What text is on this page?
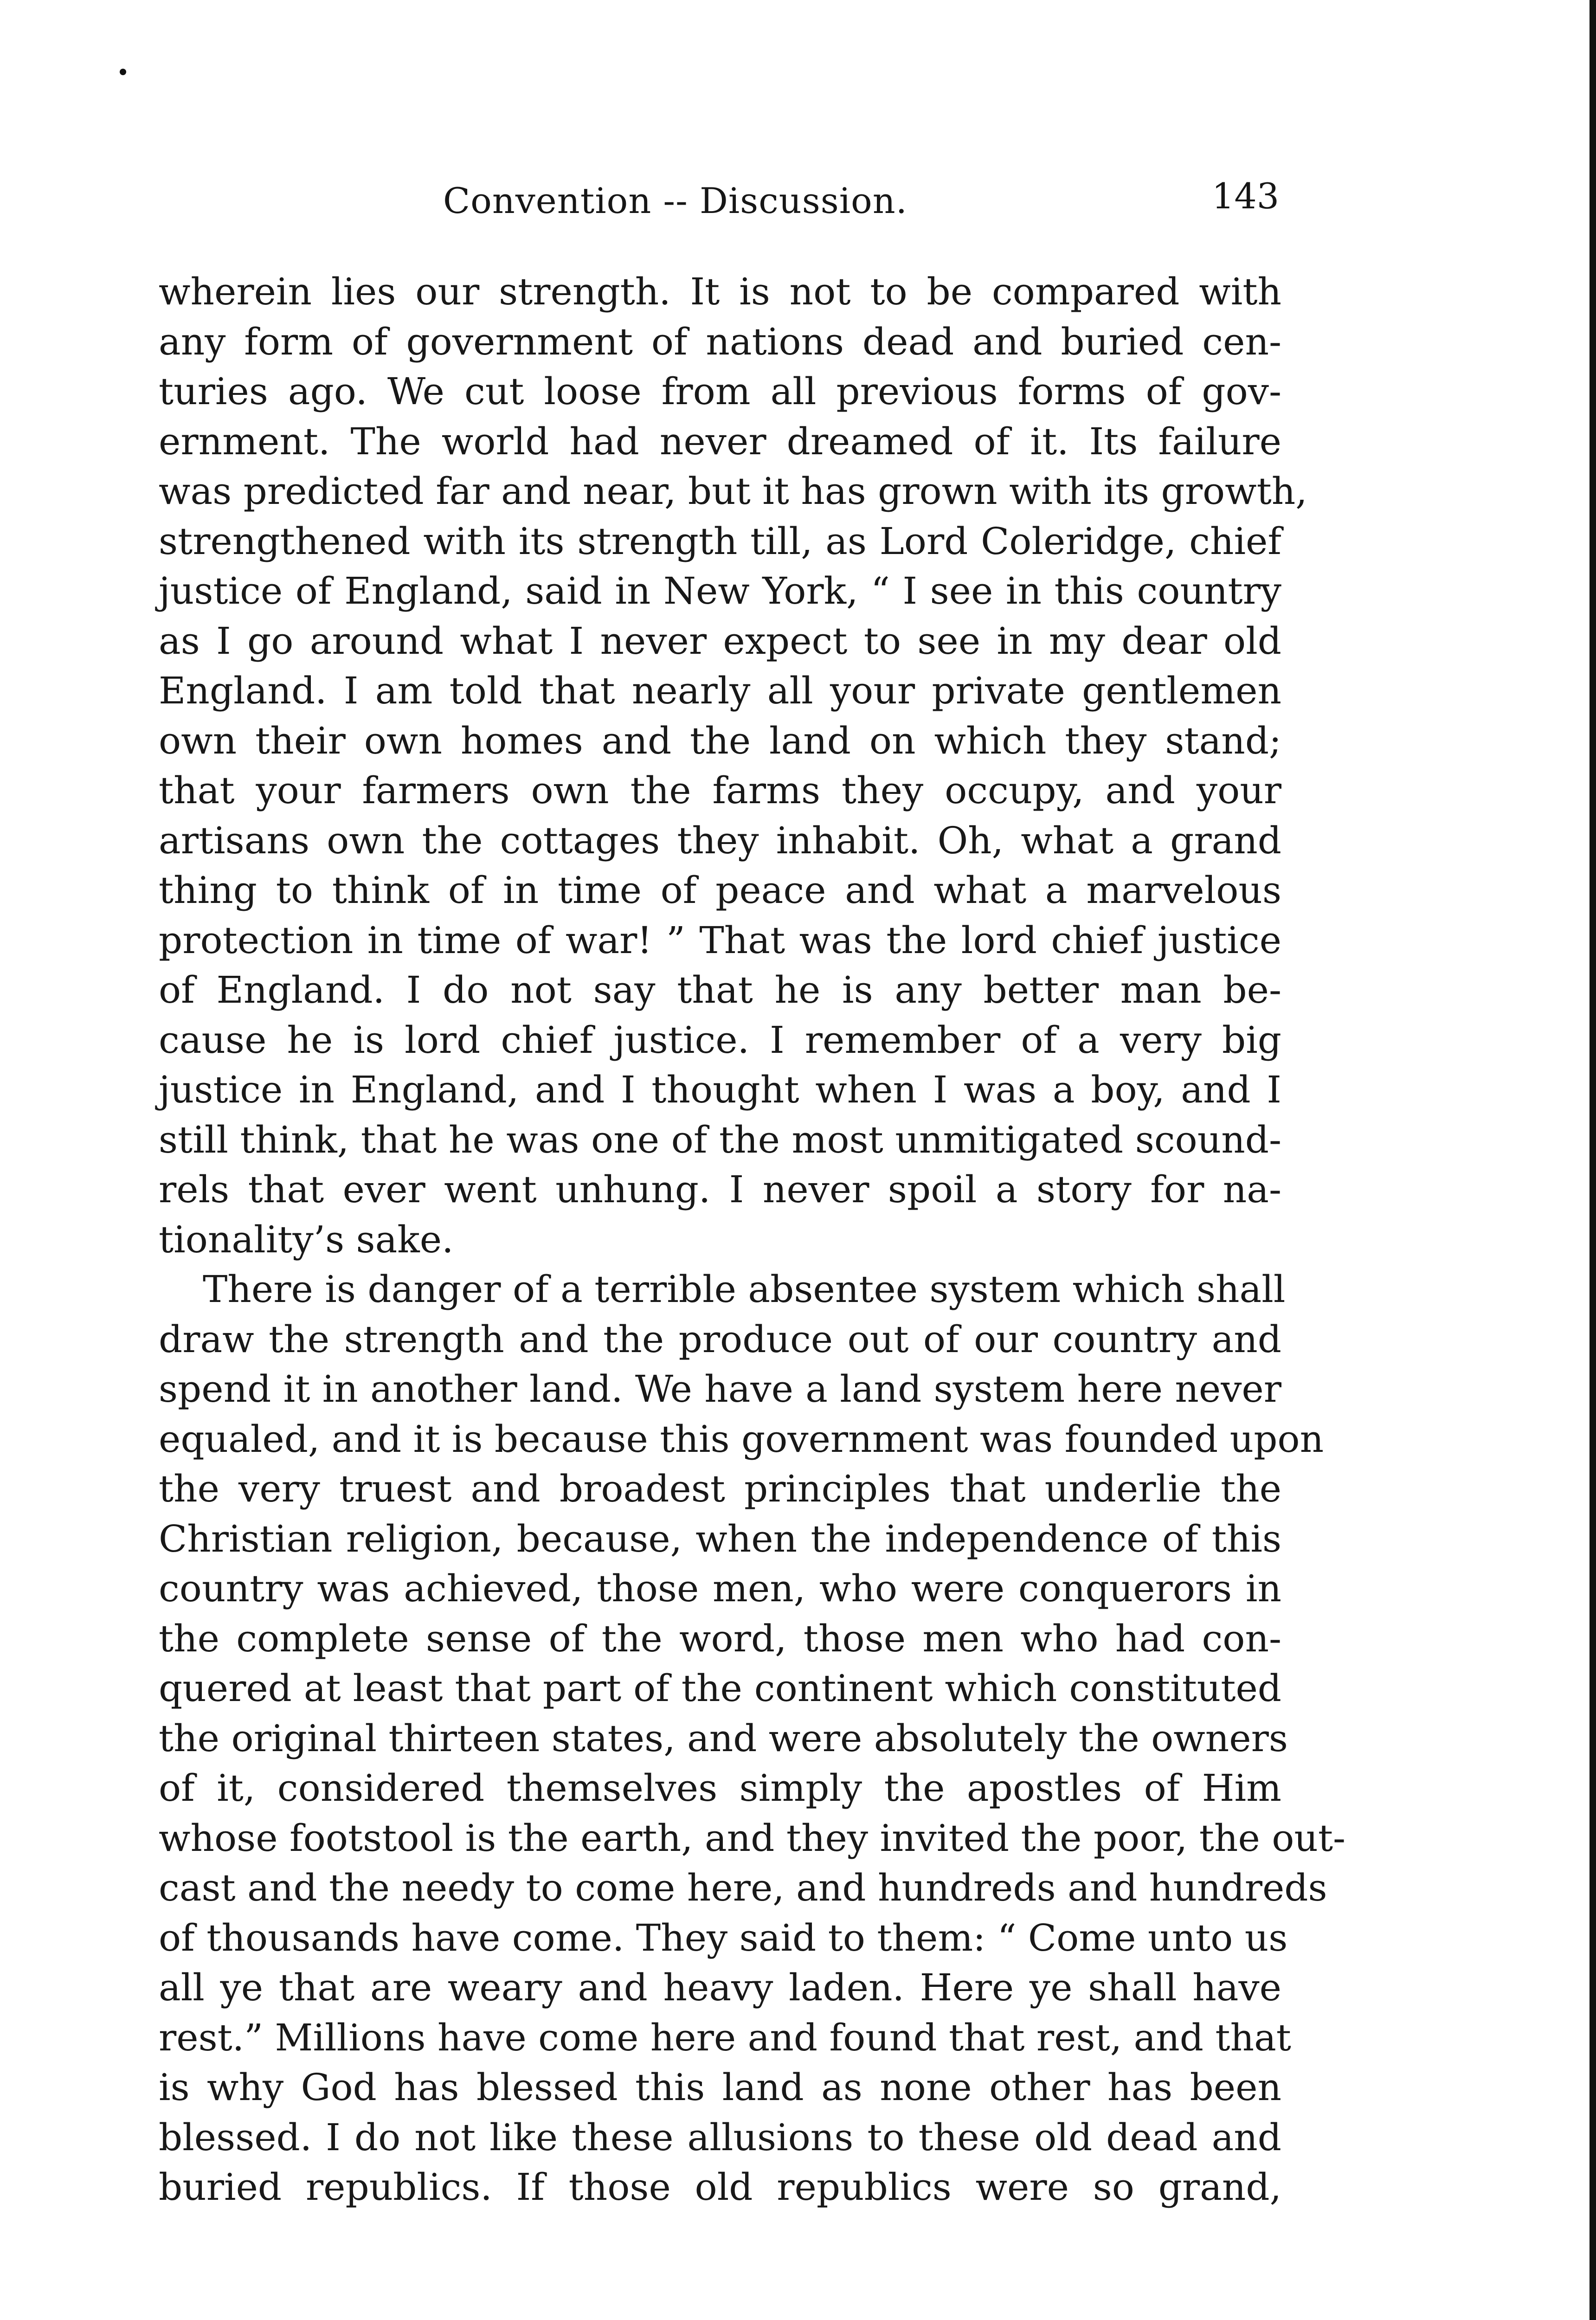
Convention -- Discussion.	143
wherein lies our strength. It is not to be compared with
any form of government of nations dead and buried cen-
turies ago. We cut loose from all previous forms of gov-
ernment. The world had never dreamed of it. Its failure
was predicted far and near, but it has grown with its growth,
strengthened with its strength till, as Lord Coleridge, chief
justice of England, said in New York, “ I see in this country
as I go around what I never expect to see in my dear old
England. I am told that nearly all your private gentlemen
own their own homes and the land on which they stand;
that your farmers own the farms they occupy, and your
artisans own the cottages they inhabit. Oh, what a grand
thing to think of in time of peace and what a marvelous
protection in time of war! ” That was the lord chief justice
of England. I do not say that he is any better man be-
cause he is lord chief justice. I remember of a very big
justice in England, and I thought when I was a boy, and I
still think, that he was one of the most unmitigated scound-
rels that ever went unhung. I never spoil a story for na-
tionality’s sake.
There is danger of a terrible absentee system which shall
draw the strength and the produce out of our country and
spend it in another land. We have a land system here never
equaled, and it is because this government was founded upon
the very truest and broadest principles that underlie the
Christian religion, because, when the independence of this
country was achieved, those men, who were conquerors in
the complete sense of the word, those men who had con-
quered at least that part of the continent which constituted
the original thirteen states, and were absolutely the owners
of it, considered themselves simply the apostles of Him
whose footstool is the earth, and they invited the poor, the out-
cast and the needy to come here, and hundreds and hundreds
of thousands have come. They said to them: “ Come unto us
all ye that are weary and heavy laden. Here ye shall have
rest.” Millions have come here and found that rest, and that
is why God has blessed this land as none other has been
blessed. I do not like these allusions to these old dead and
buried republics. If those old republics were so grand,
